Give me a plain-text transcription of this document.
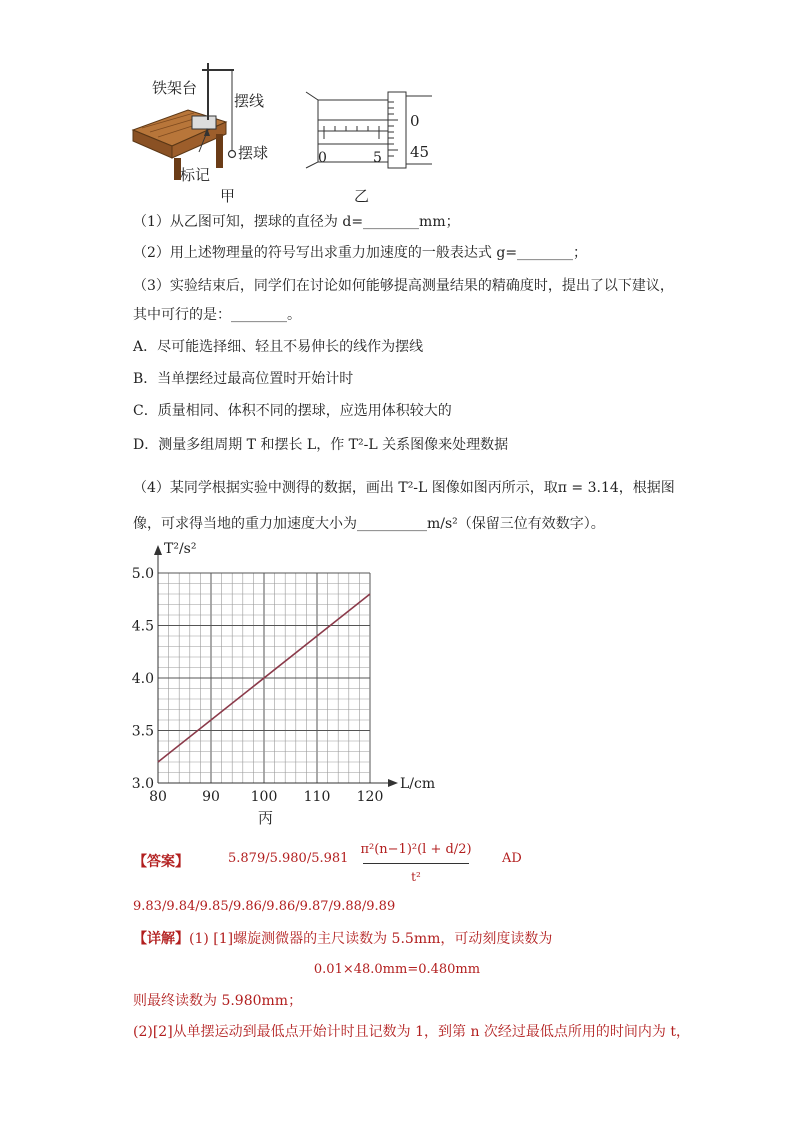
铁架台
摆线
摆球
标记
甲
0	5
0
45
乙
（1）从乙图可知，摆球的直径为 d=________mm；
（2）用上述物理量的符号写出求重力加速度的一般表达式 g=________；
（3）实验结束后，同学们在讨论如何能够提高测量结果的精确度时，提出了以下建议，
其中可行的是：________。
A．尽可能选择细、轻且不易伸长的线作为摆线
B．当单摆经过最高位置时开始计时
C．质量相同、体积不同的摆球，应选用体积较大的
D．测量多组周期 T 和摆长 L，作 T²-L 关系图像来处理数据
（4）某同学根据实验中测得的数据，画出 T²-L 图像如图丙所示，取π = 3.14，根据图
像，可求得当地的重力加速度大小为__________m/s²（保留三位有效数字）。
80	90 100 110 120
3.0
3.5
4.0
4.5
5.0
T²/s²
L/cm
丙
【答案】	5.879/5.980/5.981
π²(n−1)²(l + d/2)
t²
AD
9.83/9.84/9.85/9.86/9.86/9.87/9.88/9.89
【详解】(1) [1]螺旋测微器的主尺读数为 5.5mm，可动刻度读数为
0.01×48.0mm=0.480mm
则最终读数为 5.980mm；
(2)[2]从单摆运动到最低点开始计时且记数为 1，到第 n 次经过最低点所用的时间内为 t，
